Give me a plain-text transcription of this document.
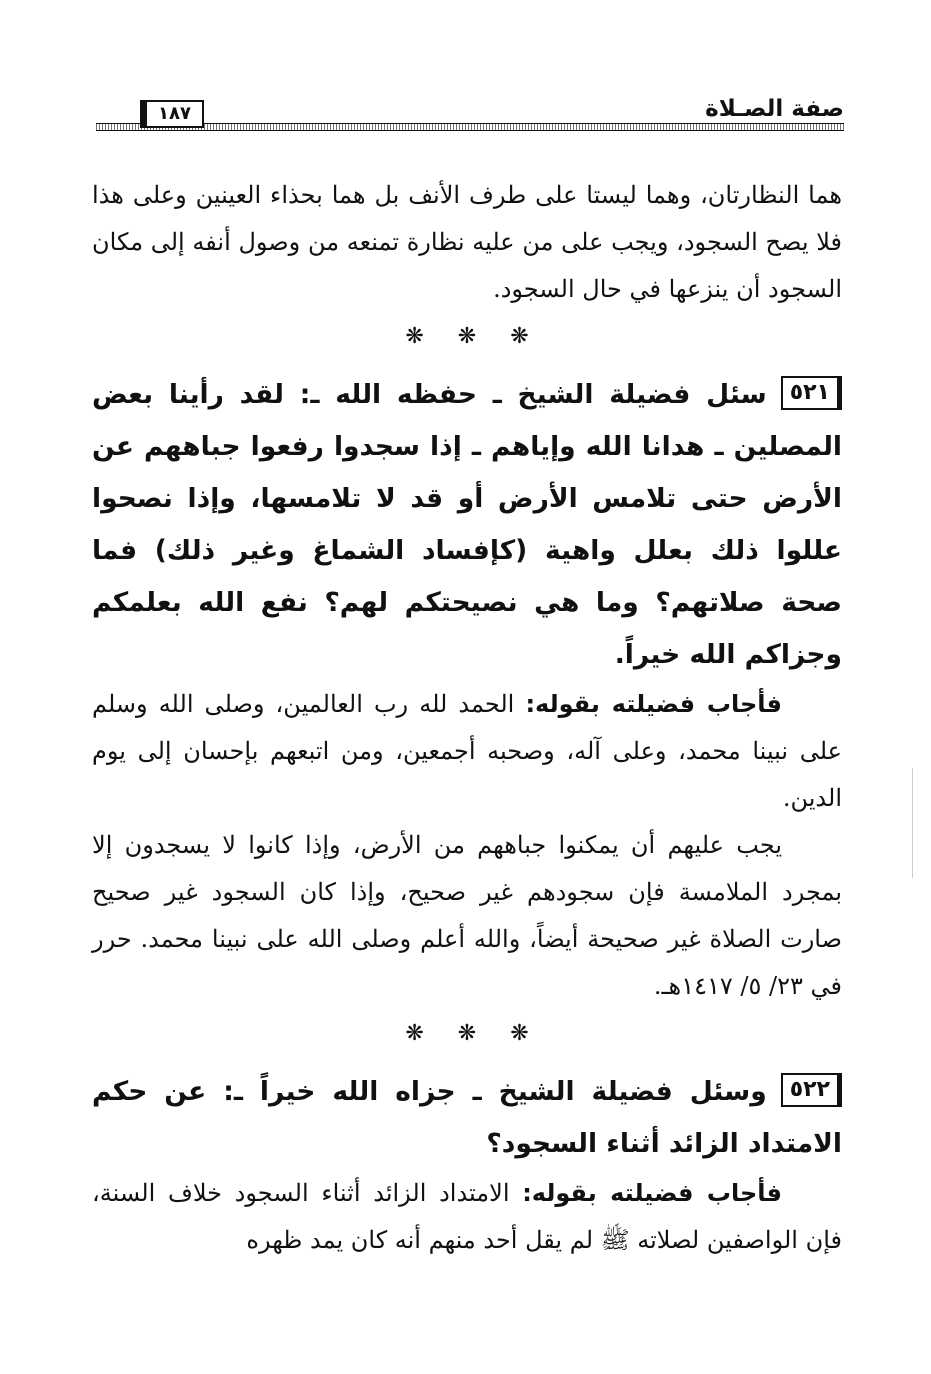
صفة الصـلاة
١٨٧

هما النظارتان، وهما ليستا على طرف الأنف بل هما بحذاء العينين وعلى هذا فلا يصح السجود، ويجب على من عليه نظارة تمنعه من وصول أنفه إلى مكان السجود أن ينزعها في حال السجود.

❋❋❋

٥٢١سئل فضيلة الشيخ ـ حفظه الله ـ: لقد رأينا بعض المصلين ـ هدانا الله وإياهم ـ إذا سجدوا رفعوا جباههم عن الأرض حتى تلامس الأرض أو قد لا تلامسها، وإذا نصحوا عللوا ذلك بعلل واهية (كإفساد الشماغ وغير ذلك) فما صحة صلاتهم؟ وما هي نصيحتكم لهم؟ نفع الله بعلمكم وجزاكم الله خيراً.

فأجاب فضيلته بقوله: الحمد لله رب العالمين، وصلى الله وسلم على نبينا محمد، وعلى آله، وصحبه أجمعين، ومن اتبعهم بإحسان إلى يوم الدين.

يجب عليهم أن يمكنوا جباههم من الأرض، وإذا كانوا لا يسجدون إلا بمجرد الملامسة فإن سجودهم غير صحيح، وإذا كان السجود غير صحيح صارت الصلاة غير صحيحة أيضاً، والله أعلم وصلى الله على نبينا محمد. حرر في ٢٣/ ٥/ ١٤١٧هـ.

❋❋❋

٥٢٢وسئل فضيلة الشيخ ـ جزاه الله خيراً ـ: عن حكم الامتداد الزائد أثناء السجود؟

فأجاب فضيلته بقوله: الامتداد الزائد أثناء السجود خلاف السنة، فإن الواصفين لصلاته ﷺ لم يقل أحد منهم أنه كان يمد ظهره
